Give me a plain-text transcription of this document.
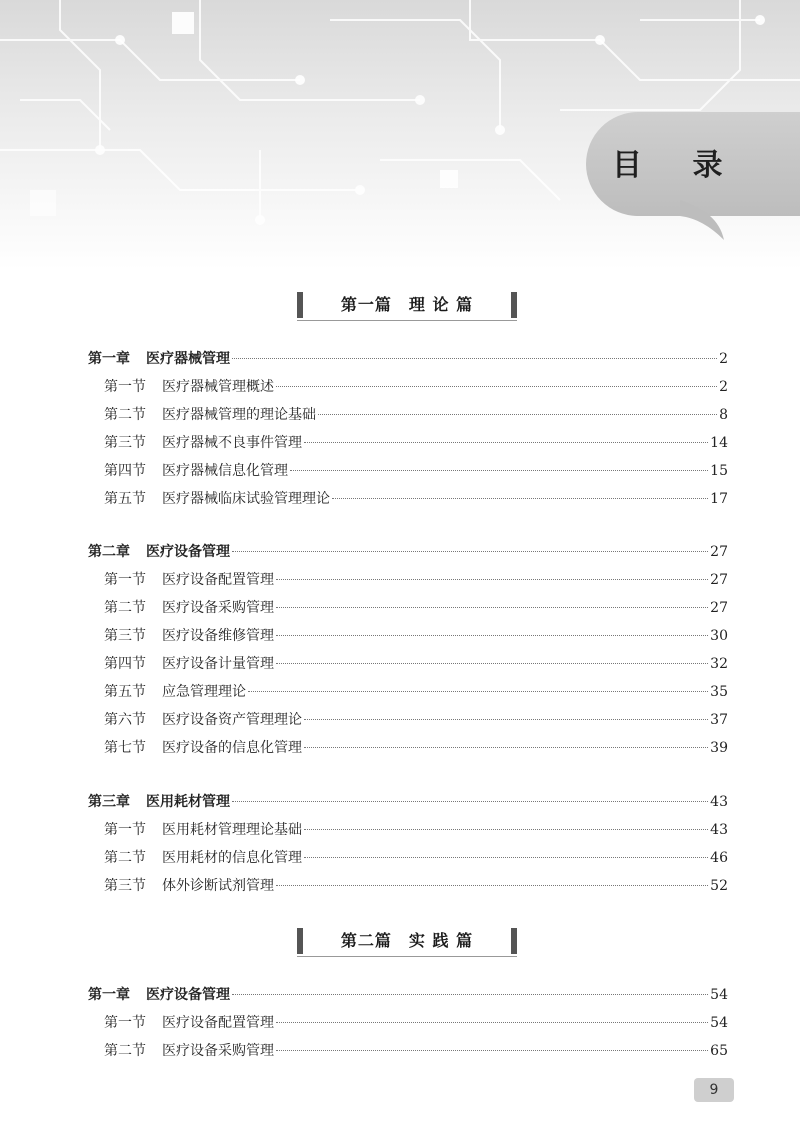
目 录
第一篇　理 论 篇
第一章 医疗器械管理	2
第一节 医疗器械管理概述	2
第二节 医疗器械管理的理论基础	8
第三节 医疗器械不良事件管理	14
第四节 医疗器械信息化管理	15
第五节 医疗器械临床试验管理理论	17
第二章 医疗设备管理	27
第一节 医疗设备配置管理	27
第二节 医疗设备采购管理	27
第三节 医疗设备维修管理	30
第四节 医疗设备计量管理	32
第五节 应急管理理论	35
第六节 医疗设备资产管理理论	37
第七节 医疗设备的信息化管理	39
第三章 医用耗材管理	43
第一节 医用耗材管理理论基础	43
第二节 医用耗材的信息化管理	46
第三节 体外诊断试剂管理	52
第一章 医疗设备管理	54
第一节 医疗设备配置管理	54
第二节 医疗设备采购管理	65
第二篇　实 践 篇
9
